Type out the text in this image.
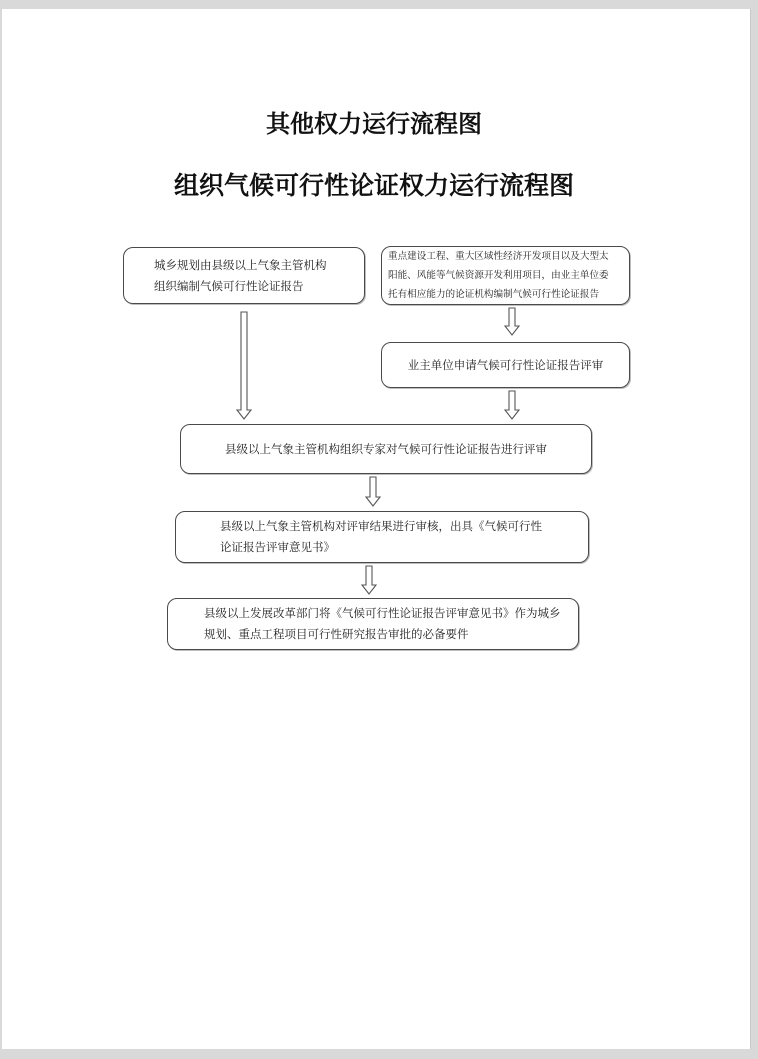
其他权力运行流程图
组织气候可行性论证权力运行流程图
城乡规划由县级以上气象主管机构
组织编制气候可行性论证报告
重点建设工程、重大区域性经济开发项目以及大型太
阳能、风能等气候资源开发利用项目，由业主单位委
托有相应能力的论证机构编制气候可行性论证报告
业主单位申请气候可行性论证报告评审
县级以上气象主管机构组织专家对气候可行性论证报告进行评审
县级以上气象主管机构对评审结果进行审核，出具《气候可行性
论证报告评审意见书》
县级以上发展改革部门将《气候可行性论证报告评审意见书》作为城乡
规划、重点工程项目可行性研究报告审批的必备要件
